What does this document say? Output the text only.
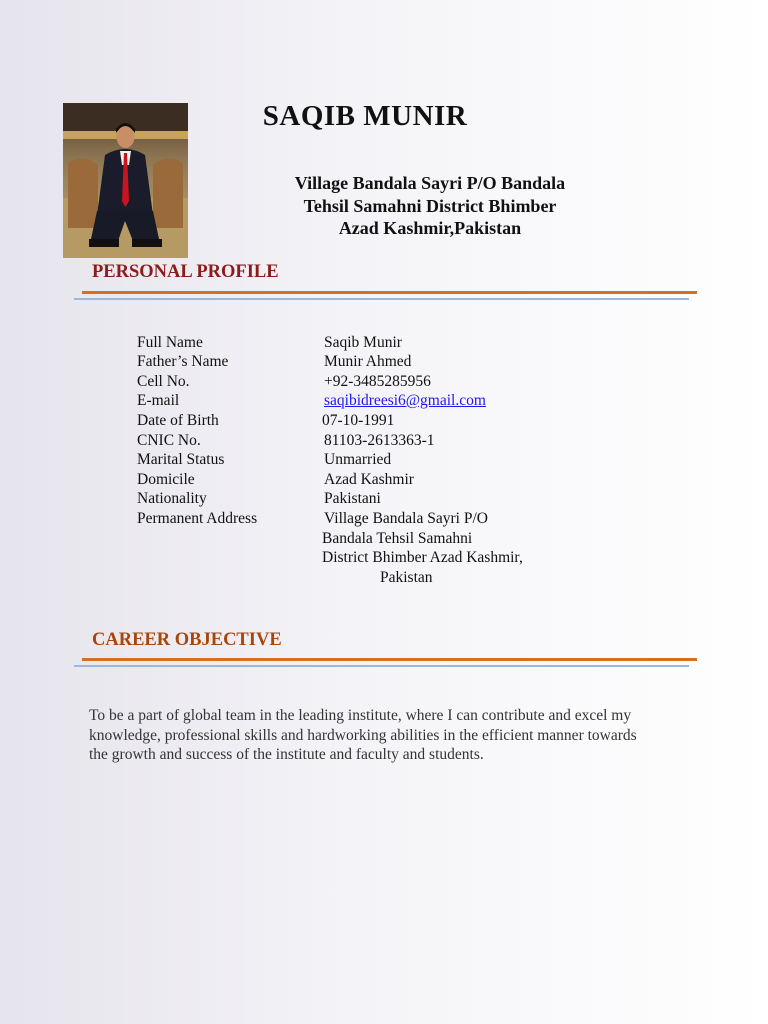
SAQIB MUNIR
Village Bandala Sayri P/O Bandala
Tehsil Samahni District Bhimber
Azad Kashmir,Pakistan
PERSONAL PROFILE
Full Name	Saqib Munir
Father’s Name	Munir Ahmed
Cell No.	+92-3485285956
E-mail	saqibidreesi6@gmail.com
Date of Birth	07-10-1991
CNIC No.	81103-2613363-1
Marital Status	Unmarried
Domicile	Azad Kashmir
Nationality	Pakistani
Permanent Address	Village Bandala Sayri P/O
Bandala Tehsil Samahni
District Bhimber Azad Kashmir,
Pakistan
CAREER OBJECTIVE
To be a part of global team in the leading institute, where I can contribute and excel my knowledge, professional skills and hardworking abilities in the efficient manner towards the growth and success of the institute and faculty and students.
